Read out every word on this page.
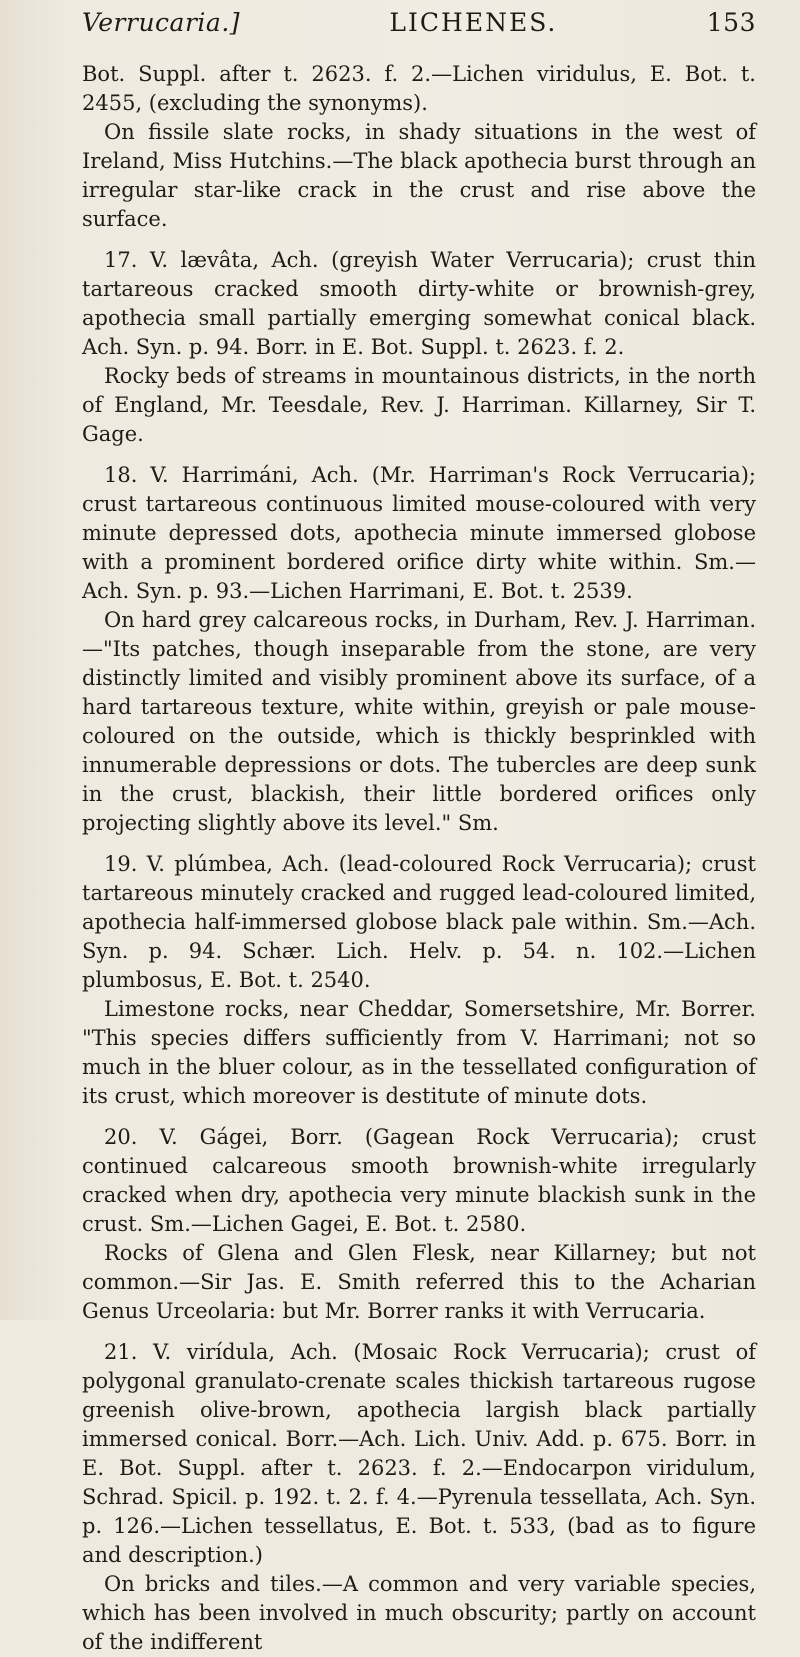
Verrucaria.]	LICHENES.	153

Bot. Suppl. after t. 2623. f. 2.—Lichen viridulus, E. Bot. t. 2455, (excluding the synonyms).

On fissile slate rocks, in shady situations in the west of Ireland, Miss Hutchins.—The black apothecia burst through an irregular star-like crack in the crust and rise above the surface.

17. V. lævâta, Ach. (greyish Water Verrucaria); crust thin tartareous cracked smooth dirty-white or brownish-grey, apothecia small partially emerging somewhat conical black. Ach. Syn. p. 94. Borr. in E. Bot. Suppl. t. 2623. f. 2.

Rocky beds of streams in mountainous districts, in the north of England, Mr. Teesdale, Rev. J. Harriman. Killarney, Sir T. Gage.

18. V. Harrimáni, Ach. (Mr. Harriman's Rock Verrucaria); crust tartareous continuous limited mouse-coloured with very minute depressed dots, apothecia minute immersed globose with a prominent bordered orifice dirty white within. Sm.—Ach. Syn. p. 93.—Lichen Harrimani, E. Bot. t. 2539.

On hard grey calcareous rocks, in Durham, Rev. J. Harriman.—"Its patches, though inseparable from the stone, are very distinctly limited and visibly prominent above its surface, of a hard tartareous texture, white within, greyish or pale mouse-coloured on the outside, which is thickly besprinkled with innumerable depressions or dots. The tubercles are deep sunk in the crust, blackish, their little bordered orifices only projecting slightly above its level." Sm.

19. V. plúmbea, Ach. (lead-coloured Rock Verrucaria); crust tartareous minutely cracked and rugged lead-coloured limited, apothecia half-immersed globose black pale within. Sm.—Ach. Syn. p. 94. Schær. Lich. Helv. p. 54. n. 102.—Lichen plumbosus, E. Bot. t. 2540.

Limestone rocks, near Cheddar, Somersetshire, Mr. Borrer. "This species differs sufficiently from V. Harrimani; not so much in the bluer colour, as in the tessellated configuration of its crust, which moreover is destitute of minute dots.

20. V. Gágei, Borr. (Gagean Rock Verrucaria); crust continued calcareous smooth brownish-white irregularly cracked when dry, apothecia very minute blackish sunk in the crust. Sm.—Lichen Gagei, E. Bot. t. 2580.

Rocks of Glena and Glen Flesk, near Killarney; but not common.—Sir Jas. E. Smith referred this to the Acharian Genus Urceolaria: but Mr. Borrer ranks it with Verrucaria.

21. V. virídula, Ach. (Mosaic Rock Verrucaria); crust of polygonal granulato-crenate scales thickish tartareous rugose greenish olive-brown, apothecia largish black partially immersed conical. Borr.—Ach. Lich. Univ. Add. p. 675. Borr. in E. Bot. Suppl. after t. 2623. f. 2.—Endocarpon viridulum, Schrad. Spicil. p. 192. t. 2. f. 4.—Pyrenula tessellata, Ach. Syn. p. 126.—Lichen tessellatus, E. Bot. t. 533, (bad as to figure and description.)

On bricks and tiles.—A common and very variable species, which has been involved in much obscurity; partly on account of the indifferent
